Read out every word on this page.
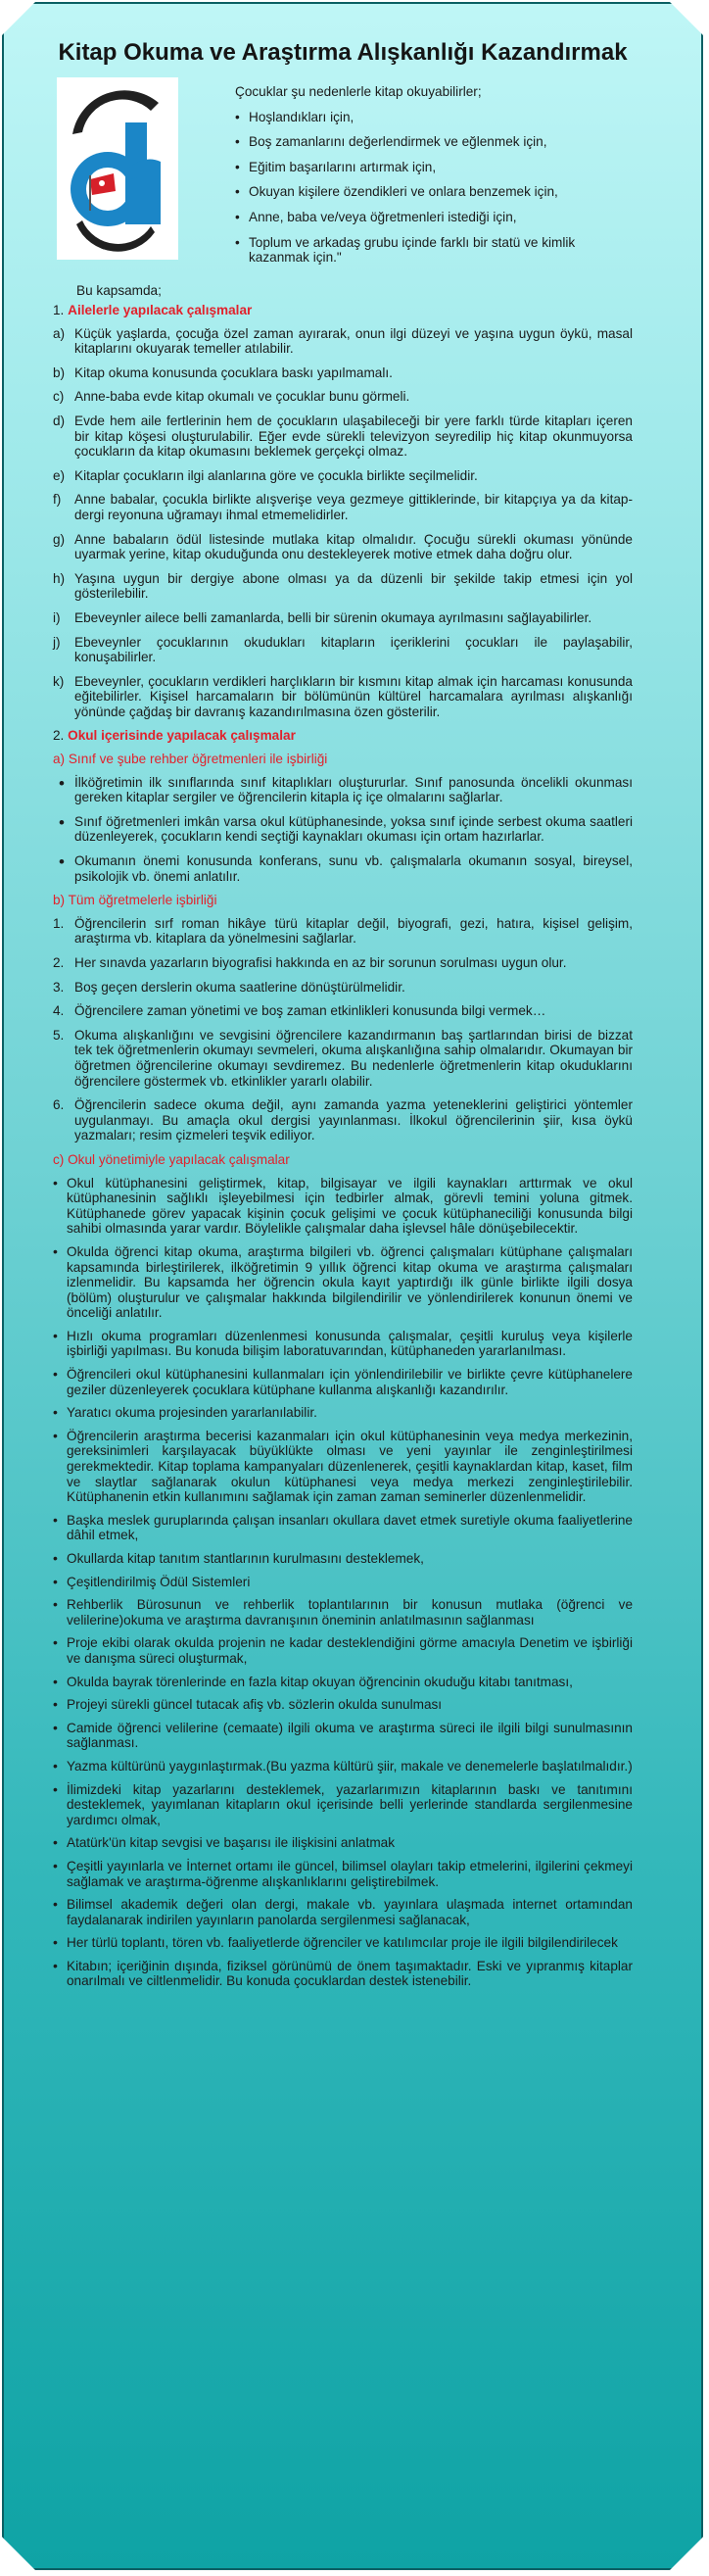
Kitap Okuma ve Araştırma Alışkanlığı Kazandırmak

Çocuklar şu nedenlerle kitap okuyabilirler;

• Hoşlandıkları için,
• Boş zamanlarını değerlendirmek ve eğlenmek için,
• Eğitim başarılarını artırmak için,
• Okuyan kişilere özendikleri ve onlara benzemek için,
• Anne, baba ve/veya öğretmenleri istediği için,
• Toplum ve arkadaş grubu içinde farklı bir statü ve kimlik kazanmak için."
Bu kapsamda;
1. Ailelerle yapılacak çalışmalar
a) Küçük yaşlarda, çocuğa özel zaman ayırarak, onun ilgi düzeyi ve yaşına uygun öykü, masal kitaplarını okuyarak temeller atılabilir.
b) Kitap okuma konusunda çocuklara baskı yapılmamalı.
c) Anne-baba evde kitap okumalı ve çocuklar bunu görmeli.
d) Evde hem aile fertlerinin hem de çocukların ulaşabileceği bir yere farklı türde kitapları içeren bir kitap köşesi oluşturulabilir. Eğer evde sürekli televizyon seyredilip hiç kitap okunmuyorsa çocukların da kitap okumasını beklemek gerçekçi olmaz.
e) Kitaplar çocukların ilgi alanlarına göre ve çocukla birlikte seçilmelidir.
f) Anne babalar, çocukla birlikte alışverişe veya gezmeye gittiklerinde, bir kitapçıya ya da kitap-dergi reyonuna uğramayı ihmal etmemelidirler.
g) Anne babaların ödül listesinde mutlaka kitap olmalıdır. Çocuğu sürekli okuması yönünde uyarmak yerine, kitap okuduğunda onu destekleyerek motive etmek daha doğru olur.
h) Yaşına uygun bir dergiye abone olması ya da düzenli bir şekilde takip etmesi için yol gösterilebilir.
i) Ebeveynler ailece belli zamanlarda, belli bir sürenin okumaya ayrılmasını sağlayabilirler.
j) Ebeveynler çocuklarının okudukları kitapların içeriklerini çocukları ile paylaşabilir, konuşabilirler.
k) Ebeveynler, çocukların verdikleri harçlıkların bir kısmını kitap almak için harcaması konusunda eğitebilirler. Kişisel harcamaların bir bölümünün kültürel harcamalara ayrılması alışkanlığı yönünde çağdaş bir davranış kazandırılmasına özen gösterilir.
2. Okul içerisinde yapılacak çalışmalar
a) Sınıf ve şube rehber öğretmenleri ile işbirliği
• İlköğretimin ilk sınıflarında sınıf kitaplıkları oluştururlar. Sınıf panosunda öncelikli okunması gereken kitaplar sergiler ve öğrencilerin kitapla iç içe olmalarını sağlarlar.
• Sınıf öğretmenleri imkân varsa okul kütüphanesinde, yoksa sınıf içinde serbest okuma saatleri düzenleyerek, çocukların kendi seçtiği kaynakları okuması için ortam hazırlarlar.
• Okumanın önemi konusunda konferans, sunu vb. çalışmalarla okumanın sosyal, bireysel, psikolojik vb. önemi anlatılır.
b) Tüm öğretmelerle işbirliği
1. Öğrencilerin sırf roman hikâye türü kitaplar değil, biyografi, gezi, hatıra, kişisel gelişim, araştırma vb. kitaplara da yönelmesini sağlarlar.
2. Her sınavda yazarların biyografisi hakkında en az bir sorunun sorulması uygun olur.
3. Boş geçen derslerin okuma saatlerine dönüştürülmelidir.
4. Öğrencilere zaman yönetimi ve boş zaman etkinlikleri konusunda bilgi vermek…
5. Okuma alışkanlığını ve sevgisini öğrencilere kazandırmanın baş şartlarından birisi de bizzat tek tek öğretmenlerin okumayı sevmeleri, okuma alışkanlığına sahip olmalarıdır. Okumayan bir öğretmen öğrencilerine okumayı sevdiremez. Bu nedenlerle öğretmenlerin kitap okuduklarını öğrencilere göstermek vb. etkinlikler yararlı olabilir.
6. Öğrencilerin sadece okuma değil, aynı zamanda yazma yeteneklerini geliştirici yöntemler uygulanmayı. Bu amaçla okul dergisi yayınlanması. İlkokul öğrencilerinin şiir, kısa öykü yazmaları; resim çizmeleri teşvik ediliyor.
c) Okul yönetimiyle yapılacak çalışmalar
• Okul kütüphanesini geliştirmek, kitap, bilgisayar ve ilgili kaynakları arttırmak ve okul kütüphanesinin sağlıklı işleyebilmesi için tedbirler almak, görevli temini yoluna gitmek. Kütüphanede görev yapacak kişinin çocuk gelişimi ve çocuk kütüphaneciliği konusunda bilgi sahibi olmasında yarar vardır. Böylelikle çalışmalar daha işlevsel hâle dönüşebilecektir.
• Okulda öğrenci kitap okuma, araştırma bilgileri vb. öğrenci çalışmaları kütüphane çalışmaları kapsamında birleştirilerek, ilköğretimin 9 yıllık öğrenci kitap okuma ve araştırma çalışmaları izlenmelidir. Bu kapsamda her öğrencin okula kayıt yaptırdığı ilk günle birlikte ilgili dosya (bölüm) oluşturulur ve çalışmalar hakkında bilgilendirilir ve yönlendirilerek konunun önemi ve önceliği anlatılır.
• Hızlı okuma programları düzenlenmesi konusunda çalışmalar, çeşitli kuruluş veya kişilerle işbirliği yapılması. Bu konuda bilişim laboratuvarından, kütüphaneden yararlanılması.
• Öğrencileri okul kütüphanesini kullanmaları için yönlendirilebilir ve birlikte çevre kütüphanelere geziler düzenleyerek çocuklara kütüphane kullanma alışkanlığı kazandırılır.
• Yaratıcı okuma projesinden yararlanılabilir.
• Öğrencilerin araştırma becerisi kazanmaları için okul kütüphanesinin veya medya merkezinin, gereksinimleri karşılayacak büyüklükte olması ve yeni yayınlar ile zenginleştirilmesi gerekmektedir. Kitap toplama kampanyaları düzenlenerek, çeşitli kaynaklardan kitap, kaset, film ve slaytlar sağlanarak okulun kütüphanesi veya medya merkezi zenginleştirilebilir. Kütüphanenin etkin kullanımını sağlamak için zaman zaman seminerler düzenlenmelidir.
• Başka meslek guruplarında çalışan insanları okullara davet etmek suretiyle okuma faaliyetlerine dâhil etmek,
• Okullarda kitap tanıtım stantlarının kurulmasını desteklemek,
• Çeşitlendirilmiş Ödül Sistemleri
• Rehberlik Bürosunun ve rehberlik toplantılarının bir konusun mutlaka (öğrenci ve velilerine)okuma ve araştırma davranışının öneminin anlatılmasının sağlanması
• Proje ekibi olarak okulda projenin ne kadar desteklendiğini görme amacıyla Denetim ve işbirliği ve danışma süreci oluşturmak,
• Okulda bayrak törenlerinde en fazla kitap okuyan öğrencinin okuduğu kitabı tanıtması,
• Projeyi sürekli güncel tutacak afiş vb. sözlerin okulda sunulması
• Camide öğrenci velilerine (cemaate) ilgili okuma ve araştırma süreci ile ilgili bilgi sunulmasının sağlanması.
• Yazma kültürünü yaygınlaştırmak.(Bu yazma kültürü şiir, makale ve denemelerle başlatılmalıdır.)
• İlimizdeki kitap yazarlarını desteklemek, yazarlarımızın kitaplarının baskı ve tanıtımını desteklemek, yayımlanan kitapların okul içerisinde belli yerlerinde standlarda sergilenmesine yardımcı olmak,
• Atatürk'ün kitap sevgisi ve başarısı ile ilişkisini anlatmak
• Çeşitli yayınlarla ve İnternet ortamı ile güncel, bilimsel olayları takip etmelerini, ilgilerini çekmeyi sağlamak ve araştırma-öğrenme alışkanlıklarını geliştirebilmek.
• Bilimsel akademik değeri olan dergi, makale vb. yayınlara ulaşmada internet ortamından faydalanarak indirilen yayınların panolarda sergilenmesi sağlanacak,
• Her türlü toplantı, tören vb. faaliyetlerde öğrenciler ve katılımcılar proje ile ilgili bilgilendirilecek
• Kitabın; içeriğinin dışında, fiziksel görünümü de önem taşımaktadır. Eski ve yıpranmış kitaplar onarılmalı ve ciltlenmelidir. Bu konuda çocuklardan destek istenebilir.
